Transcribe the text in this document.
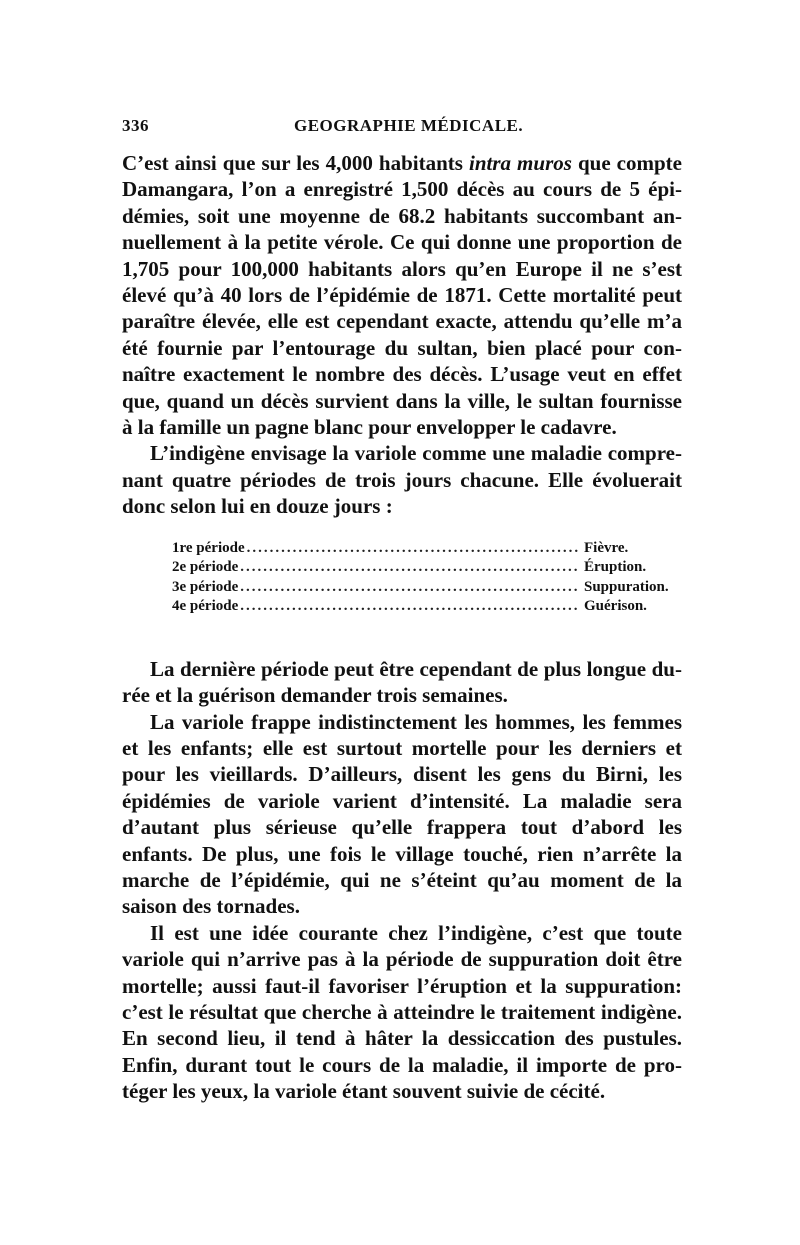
336	GEOGRAPHIE MÉDICALE.

C’est ainsi que sur les 4,000 habitants intra muros que compte Damangara, l’on a enregistré 1,500 décès au cours de 5 épidémies, soit une moyenne de 68.2 habitants succombant annuellement à la petite vérole. Ce qui donne une proportion de 1,705 pour 100,000 habitants alors qu’en Europe il ne s’est élevé qu’à 40 lors de l’épidémie de 1871. Cette mortalité peut paraître élevée, elle est cependant exacte, attendu qu’elle m’a été fournie par l’entourage du sultan, bien placé pour connaître exactement le nombre des décès. L’usage veut en effet que, quand un décès survient dans la ville, le sultan fournisse à la famille un pagne blanc pour envelopper le cadavre.

L’indigène envisage la variole comme une maladie comprenant quatre périodes de trois jours chacune. Elle évoluerait donc selon lui en douze jours :

1re période .....	Fièvre.
2e période .....	Éruption.
3e période .....	Suppuration.
4e période .....	Guérison.

La dernière période peut être cependant de plus longue durée et la guérison demander trois semaines.

La variole frappe indistinctement les hommes, les femmes et les enfants; elle est surtout mortelle pour les derniers et pour les vieillards. D’ailleurs, disent les gens du Birni, les épidémies de variole varient d’intensité. La maladie sera d’autant plus sérieuse qu’elle frappera tout d’abord les enfants. De plus, une fois le village touché, rien n’arrête la marche de l’épidémie, qui ne s’éteint qu’au moment de la saison des tornades.

Il est une idée courante chez l’indigène, c’est que toute variole qui n’arrive pas à la période de suppuration doit être mortelle; aussi faut-il favoriser l’éruption et la suppuration: c’est le résultat que cherche à atteindre le traitement indigène. En second lieu, il tend à hâter la dessiccation des pustules. Enfin, durant tout le cours de la maladie, il importe de protéger les yeux, la variole étant souvent suivie de cécité.
